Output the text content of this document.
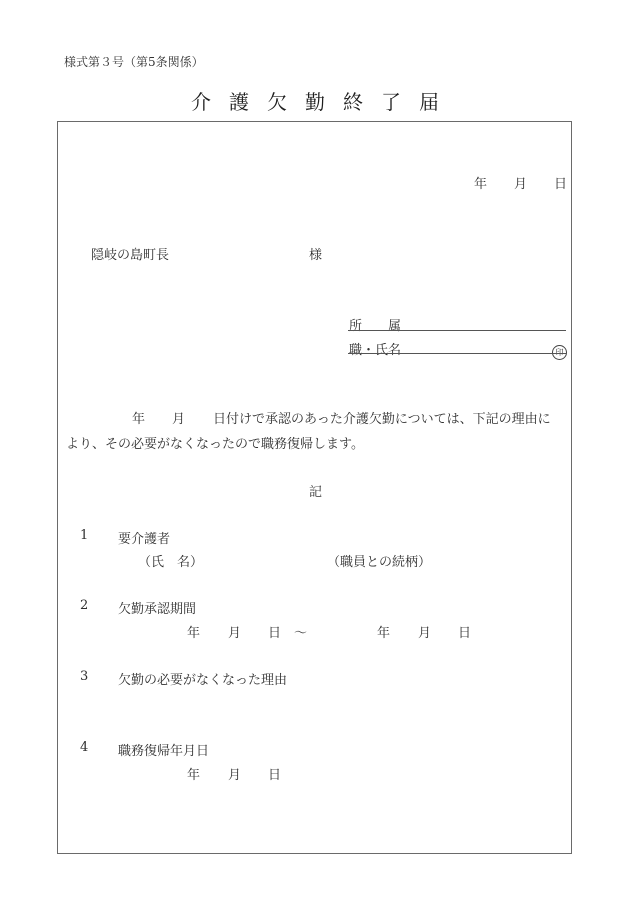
様式第３号（第5条関係）
介護欠勤終了届
年 月 日
隠岐の島町長	様
所　　属
職・氏名	印
年 月 日付けで承認のあった介護欠勤については、下記の理由に
より、その必要がなくなったので職務復帰します。
記
1 要介護者
（氏　名）	（職員との続柄）
2 欠勤承認期間
年 月 日 ～	年 月 日
3 欠勤の必要がなくなった理由
4 職務復帰年月日
年 月 日
